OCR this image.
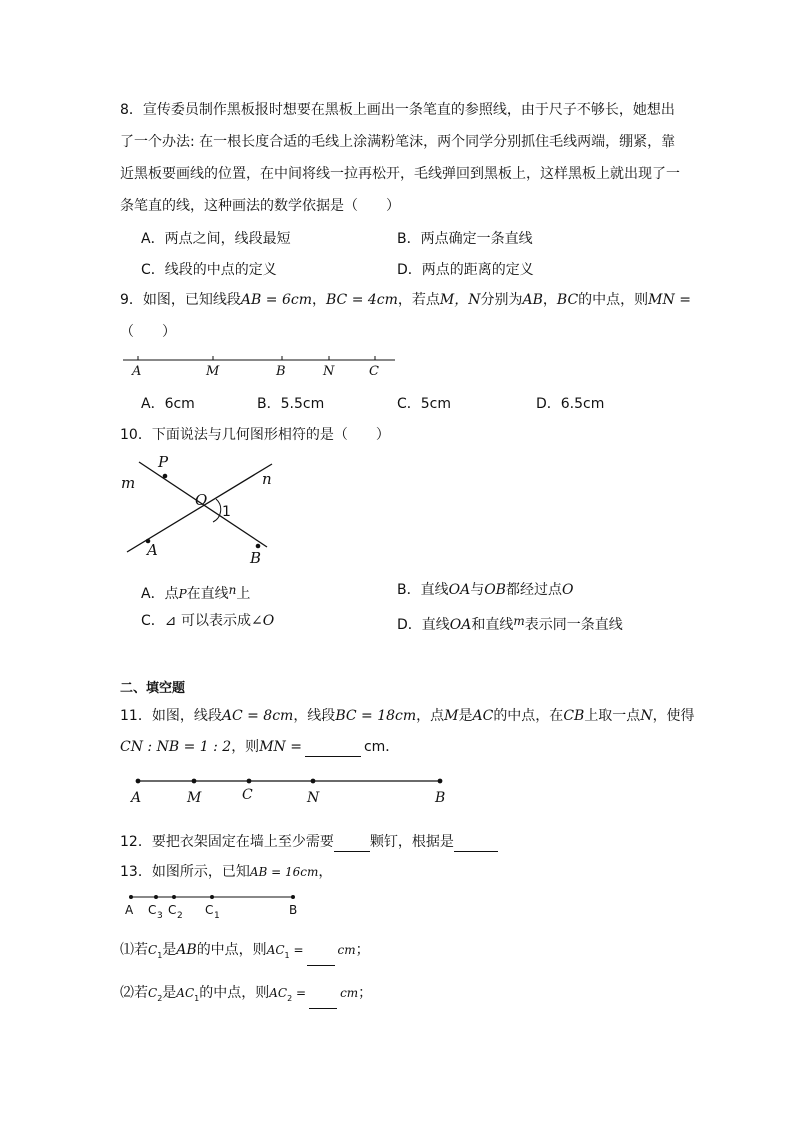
8．宣传委员制作黑板报时想要在黑板上画出一条笔直的参照线，由于尺子不够长，她想出
了一个办法: 在一根长度合适的毛线上涂满粉笔沫，两个同学分别抓住毛线两端，绷紧，靠
近黑板要画线的位置，在中间将线一拉再松开，毛线弹回到黑板上，这样黑板上就出现了一
条笔直的线，这种画法的数学依据是（　　）
A．两点之间，线段最短	B．两点确定一条直线
C．线段的中点的定义	D．两点的距离的定义
9．如图，已知线段AB = 6cm，BC = 4cm，若点M，N分别为AB，BC的中点，则MN =
（　　）
A	M	B	N	C
A．6cm	B．5.5cm	C．5cm	D．6.5cm
10．下面说法与几何图形相符的是（　　）
P
m
O
n
1
A	B
A．点P在直线n上	B．直线OA与OB都经过点O
C．⊿ 可以表示成∠O	D．直线OA和直线m表示同一条直线
二、填空题
11．如图，线段AC = 8cm，线段BC = 18cm，点M是AC的中点，在CB上取一点N，使得
CN : NB = 1 : 2，则MN =	cm．
A	M	C	N	B
12．要把衣架固定在墙上至少需要	颗钉，根据是
13．如图所示，已知AB = 16cm，
A C 3 C 2 C 1	B
⑴若$C_1$是AB的中点，则$AC_1$ =	cm；
⑵若$C_2$是$AC_1$的中点，则$AC_2$ =	cm；
